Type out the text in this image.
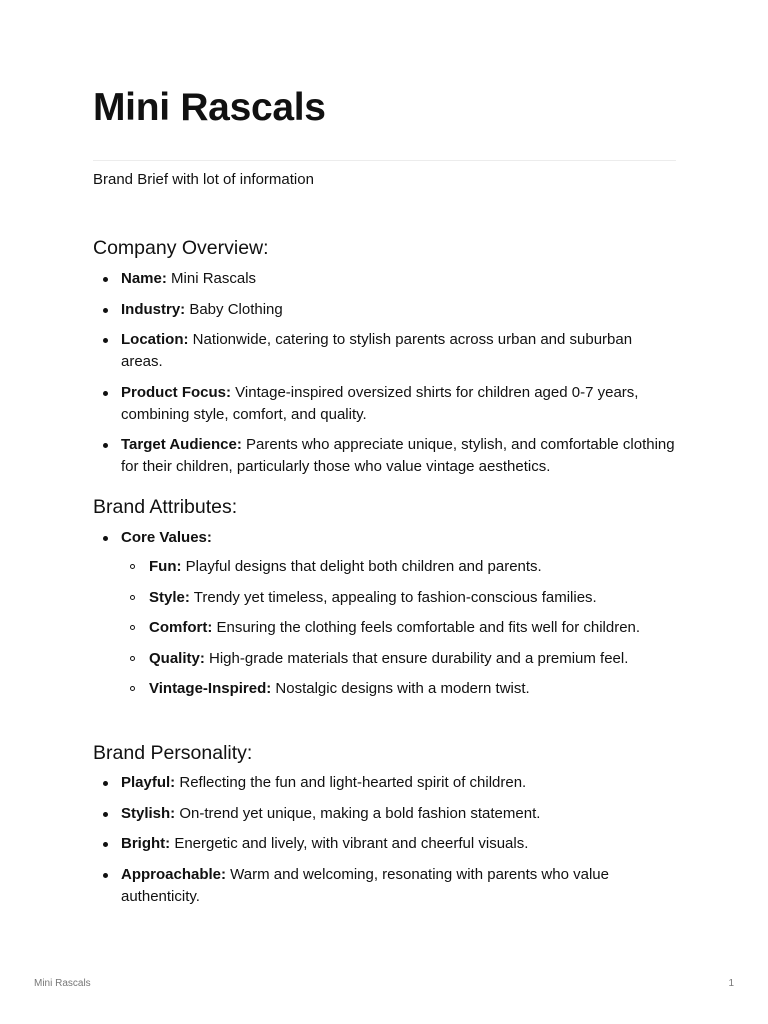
Mini Rascals
Brand Brief with lot of information
Company Overview:
Name: Mini Rascals
Industry: Baby Clothing
Location: Nationwide, catering to stylish parents across urban and suburban areas.
Product Focus: Vintage-inspired oversized shirts for children aged 0-7 years, combining style, comfort, and quality.
Target Audience: Parents who appreciate unique, stylish, and comfortable clothing for their children, particularly those who value vintage aesthetics.
Brand Attributes:
Core Values:
Fun: Playful designs that delight both children and parents.
Style: Trendy yet timeless, appealing to fashion-conscious families.
Comfort: Ensuring the clothing feels comfortable and fits well for children.
Quality: High-grade materials that ensure durability and a premium feel.
Vintage-Inspired: Nostalgic designs with a modern twist.
Brand Personality:
Playful: Reflecting the fun and light-hearted spirit of children.
Stylish: On-trend yet unique, making a bold fashion statement.
Bright: Energetic and lively, with vibrant and cheerful visuals.
Approachable: Warm and welcoming, resonating with parents who value authenticity.
Mini Rascals	1
